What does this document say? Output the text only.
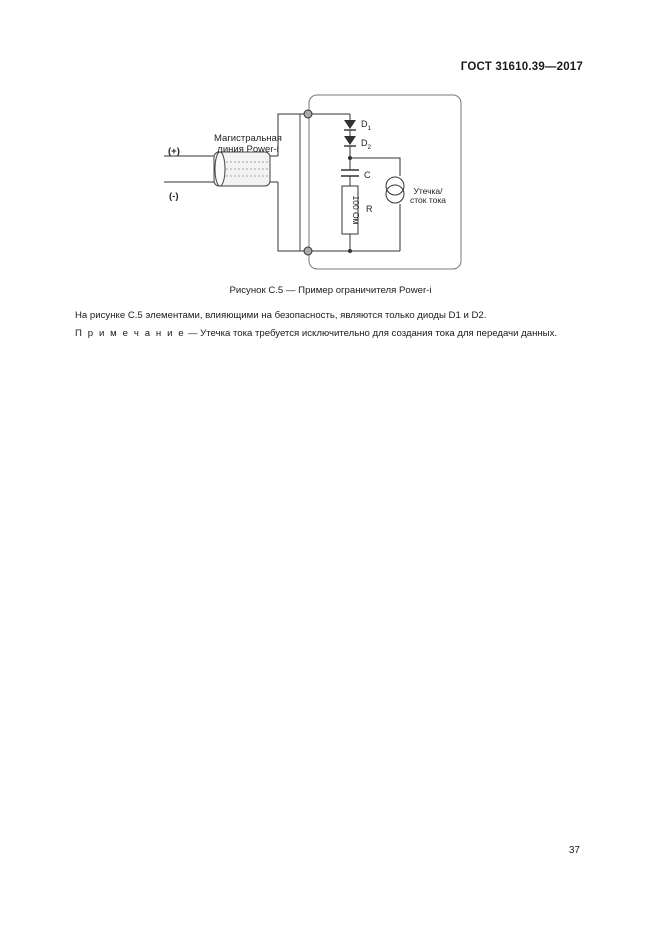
ГОСТ 31610.39—2017
Магистральная
линия Power-i
(+)
(-)
$D_1$
$D_2$
C
R
100 Ом
Утечка/
сток тока
Рисунок С.5 — Пример ограничителя Power-i
На рисунке С.5 элементами, влияющими на безопасность, являются только диоды D1 и D2.
П р и м е ч а н и е — Утечка тока требуется исключительно для создания тока для передачи данных.
37
